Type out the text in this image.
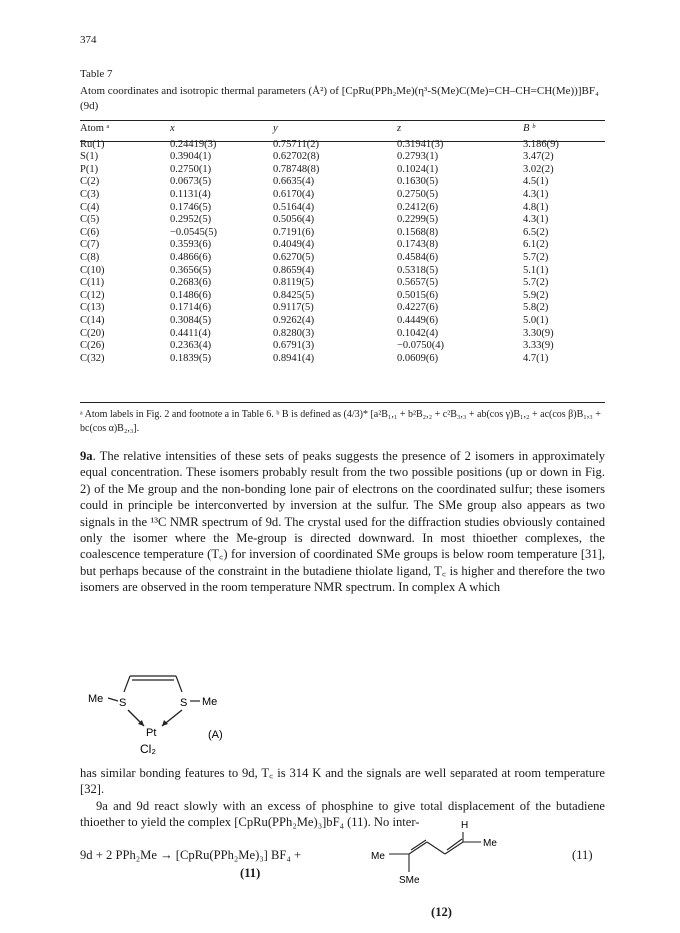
374
Table 7
Atom coordinates and isotropic thermal parameters (Å²) of [CpRu(PPh₂Me)(η³-S(Me)C(Me)=CH–CH=CH(Me))]BF₄ (9d)
Atom ᵃ	x	y	z	B ᵇ
Ru(1)	0.24419(3)	0.75711(2)	0.31941(3)	3.186(9)
S(1)	0.3904(1)	0.62702(8)	0.2793(1)	3.47(2)
P(1)	0.2750(1)	0.78748(8)	0.1024(1)	3.02(2)
C(2)	0.0673(5)	0.6635(4)	0.1630(5)	4.5(1)
C(3)	0.1131(4)	0.6170(4)	0.2750(5)	4.3(1)
C(4)	0.1746(5)	0.5164(4)	0.2412(6)	4.8(1)
C(5)	0.2952(5)	0.5056(4)	0.2299(5)	4.3(1)
C(6)	−0.0545(5)	0.7191(6)	0.1568(8)	6.5(2)
C(7)	0.3593(6)	0.4049(4)	0.1743(8)	6.1(2)
C(8)	0.4866(6)	0.6270(5)	0.4584(6)	5.7(2)
C(10)	0.3656(5)	0.8659(4)	0.5318(5)	5.1(1)
C(11)	0.2683(6)	0.8119(5)	0.5657(5)	5.7(2)
C(12)	0.1486(6)	0.8425(5)	0.5015(6)	5.9(2)
C(13)	0.1714(6)	0.9117(5)	0.4227(6)	5.8(2)
C(14)	0.3084(5)	0.9262(4)	0.4449(6)	5.0(1)
C(20)	0.4411(4)	0.8280(3)	0.1042(4)	3.30(9)
C(26)	0.2363(4)	0.6791(3)	−0.0750(4)	3.33(9)
C(32)	0.1839(5)	0.8941(4)	0.0609(6)	4.7(1)
ᵃ Atom labels in Fig. 2 and footnote a in Table 6. ᵇ B is defined as (4/3)* [a²B₁,₁ + b²B₂,₂ + c²B₃,₃ + ab(cos γ)B₁,₂ + ac(cos β)B₁,₃ + bc(cos α)B₂,₃].
9a. The relative intensities of these sets of peaks suggests the presence of 2 isomers in approximately equal concentration. These isomers probably result from the two possible positions (up or down in Fig. 2) of the Me group and the non-bonding lone pair of electrons on the coordinated sulfur; these isomers could in principle be interconverted by inversion at the sulfur. The SMe group also appears as two signals in the ¹³C NMR spectrum of 9d. The crystal used for the diffraction studies obviously contained only the isomer where the Me-group is directed downward. In most thioether complexes, the coalescence temperature (T꜀) for inversion of coordinated SMe groups is below room temperature [31], but perhaps because of the constraint in the butadiene thiolate ligand, T꜀ is higher and therefore the two isomers are observed in the room temperature NMR spectrum. In complex A which
Me S	S Me
Pt
Cl₂
(A)
has similar bonding features to 9d, T꜀ is 314 K and the signals are well separated at room temperature [32].
9a and 9d react slowly with an excess of phosphine to give total displacement of the butadiene thioether to yield the complex [CpRu(PPh₂Me)₃]bF₄ (11). No inter-
9d + 2 PPh₂Me → [CpRu(PPh₂Me)₃] BF₄ +
(11)
(11)
H
Me
Me
SMe
(12)
